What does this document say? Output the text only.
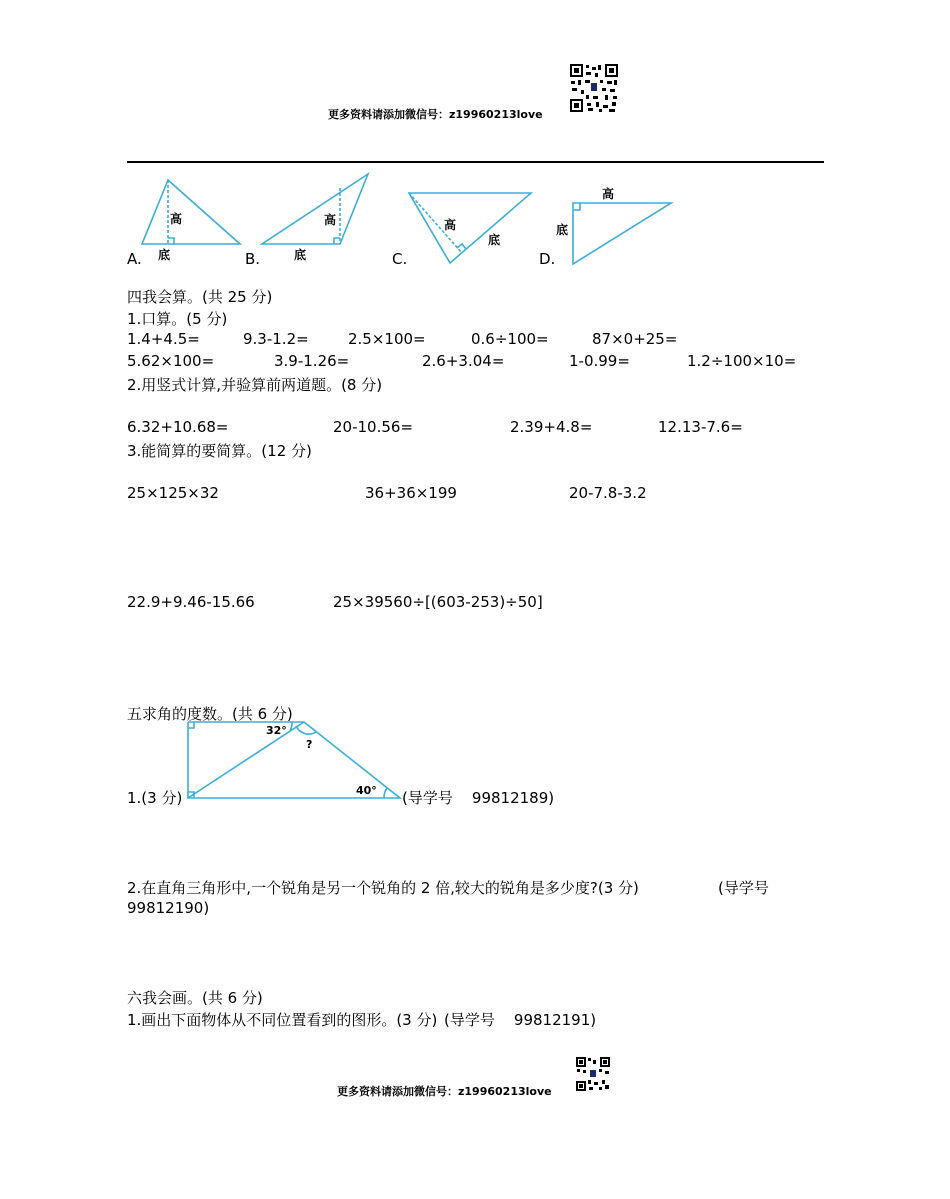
更多资料请添加微信号：z19960213love
高
底
高
底
高
底
高
底
A.	B.	C.	D.
四我会算。(共 25 分)
1.口算。(5 分)
1.4+4.5=	9.3-1.2=	2.5×100=	0.6÷100=	87×0+25=
5.62×100=	3.9-1.26=	2.6+3.04=	1-0.99=	1.2÷100×10=
2.用竖式计算,并验算前两道题。(8 分)
6.32+10.68=	20-10.56=	2.39+4.8=	12.13-7.6=
3.能简算的要简算。(12 分)
25×125×32	36+36×199	20-7.8-3.2
22.9+9.46-15.66	25×39560÷[(603-253)÷50]
五求角的度数。(共 6 分)
32°
?
40°
1.(3 分)	(导学号    99812189)
2.在直角三角形中,一个锐角是另一个锐角的 2 倍,较大的锐角是多少度?(3 分)	(导学号
99812190)
六我会画。(共 6 分)
1.画出下面物体从不同位置看到的图形。(3 分) (导学号    99812191)
更多资料请添加微信号：z19960213love
